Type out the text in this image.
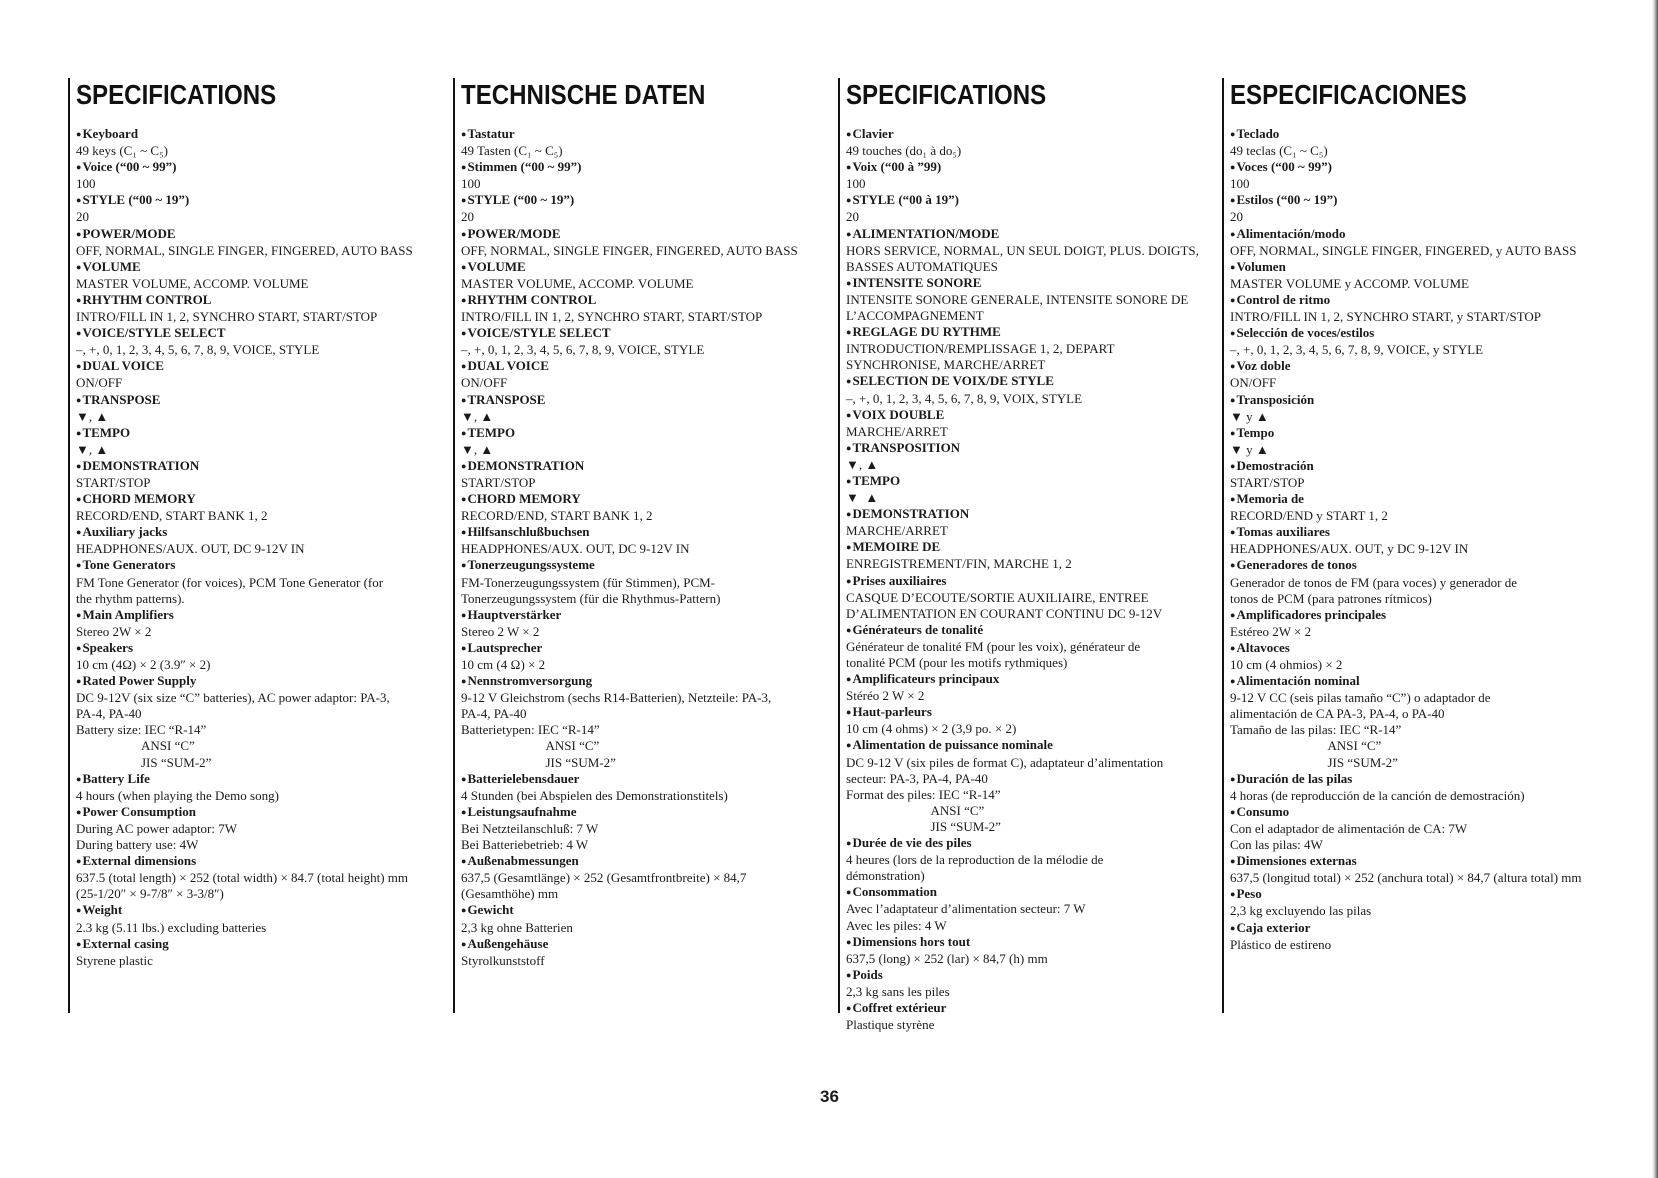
SPECIFICATIONS
● Keyboard
49 keys (C₁ ~ C₅)
● Voice (“00 ~ 99”)
100
● STYLE (“00 ~ 19”)
20
● POWER/MODE
OFF, NORMAL, SINGLE FINGER, FINGERED, AUTO BASS
● VOLUME
MASTER VOLUME, ACCOMP. VOLUME
● RHYTHM CONTROL
INTRO/FILL IN 1, 2, SYNCHRO START, START/STOP
● VOICE/STYLE SELECT
–, +, 0, 1, 2, 3, 4, 5, 6, 7, 8, 9, VOICE, STYLE
● DUAL VOICE
ON/OFF
● TRANSPOSE
▼, ▲
● TEMPO
▼, ▲
● DEMONSTRATION
START/STOP
● CHORD MEMORY
RECORD/END, START BANK 1, 2
● Auxiliary jacks
HEADPHONES/AUX. OUT, DC 9-12V IN
● Tone Generators
FM Tone Generator (for voices), PCM Tone Generator (for
the rhythm patterns).
● Main Amplifiers
Stereo 2W × 2
● Speakers
10 cm (4Ω) × 2 (3.9″ × 2)
● Rated Power Supply
DC 9-12V (six size “C” batteries), AC power adaptor: PA-3,
PA-4, PA-40
Battery size: IEC “R-14”
ANSI “C”
JIS “SUM-2”
● Battery Life
4 hours (when playing the Demo song)
● Power Consumption
During AC power adaptor: 7W
During battery use: 4W
● External dimensions
637.5 (total length) × 252 (total width) × 84.7 (total height) mm
(25-1/20″ × 9-7/8″ × 3-3/8″)
● Weight
2.3 kg (5.11 lbs.) excluding batteries
● External casing
Styrene plastic
TECHNISCHE DATEN
● Tastatur
49 Tasten (C₁ ~ C₅)
● Stimmen (“00 ~ 99”)
100
● STYLE (“00 ~ 19”)
20
● POWER/MODE
OFF, NORMAL, SINGLE FINGER, FINGERED, AUTO BASS
● VOLUME
MASTER VOLUME, ACCOMP. VOLUME
● RHYTHM CONTROL
INTRO/FILL IN 1, 2, SYNCHRO START, START/STOP
● VOICE/STYLE SELECT
–, +, 0, 1, 2, 3, 4, 5, 6, 7, 8, 9, VOICE, STYLE
● DUAL VOICE
ON/OFF
● TRANSPOSE
▼, ▲
● TEMPO
▼, ▲
● DEMONSTRATION
START/STOP
● CHORD MEMORY
RECORD/END, START BANK 1, 2
● Hilfsanschlußbuchsen
HEADPHONES/AUX. OUT, DC 9-12V IN
● Tonerzeugungssysteme
FM-Tonerzeugungssystem (für Stimmen), PCM-
Tonerzeugungssystem (für die Rhythmus-Pattern)
● Hauptverstärker
Stereo 2 W × 2
● Lautsprecher
10 cm (4 Ω) × 2
● Nennstromversorgung
9-12 V Gleichstrom (sechs R14-Batterien), Netzteile: PA-3,
PA-4, PA-40
Batterietypen: IEC “R-14”
ANSI “C”
JIS “SUM-2”
● Batterielebensdauer
4 Stunden (bei Abspielen des Demonstrationstitels)
● Leistungsaufnahme
Bei Netzteilanschluß: 7 W
Bei Batteriebetrieb: 4 W
● Außenabmessungen
637,5 (Gesamtlänge) × 252 (Gesamtfrontbreite) × 84,7
(Gesamthöhe) mm
● Gewicht
2,3 kg ohne Batterien
● Außengehäuse
Styrolkunststoff
SPECIFICATIONS
● Clavier
49 touches (do₁ à do₅)
● Voix (“00 à ”99)
100
● STYLE (“00 à 19”)
20
● ALIMENTATION/MODE
HORS SERVICE, NORMAL, UN SEUL DOIGT, PLUS. DOIGTS,
BASSES AUTOMATIQUES
● INTENSITE SONORE
INTENSITE SONORE GENERALE, INTENSITE SONORE DE
L’ACCOMPAGNEMENT
● REGLAGE DU RYTHME
INTRODUCTION/REMPLISSAGE 1, 2, DEPART
SYNCHRONISE, MARCHE/ARRET
● SELECTION DE VOIX/DE STYLE
–, +, 0, 1, 2, 3, 4, 5, 6, 7, 8, 9, VOIX, STYLE
● VOIX DOUBLE
MARCHE/ARRET
● TRANSPOSITION
▼, ▲
● TEMPO
▼  ▲
● DEMONSTRATION
MARCHE/ARRET
● MEMOIRE DE
ENREGISTREMENT/FIN, MARCHE 1, 2
● Prises auxiliaires
CASQUE D’ECOUTE/SORTIE AUXILIAIRE, ENTREE
D’ALIMENTATION EN COURANT CONTINU DC 9-12V
● Générateurs de tonalité
Générateur de tonalité FM (pour les voix), générateur de
tonalité PCM (pour les motifs rythmiques)
● Amplificateurs principaux
Stéréo 2 W × 2
● Haut-parleurs
10 cm (4 ohms) × 2 (3,9 po. × 2)
● Alimentation de puissance nominale
DC 9-12 V (six piles de format C), adaptateur d’alimentation
secteur: PA-3, PA-4, PA-40
Format des piles: IEC “R-14”
ANSI “C”
JIS “SUM-2”
● Durée de vie des piles
4 heures (lors de la reproduction de la mélodie de
démonstration)
● Consommation
Avec l’adaptateur d’alimentation secteur: 7 W
Avec les piles: 4 W
● Dimensions hors tout
637,5 (long) × 252 (lar) × 84,7 (h) mm
● Poids
2,3 kg sans les piles
● Coffret extérieur
Plastique styrène
ESPECIFICACIONES
● Teclado
49 teclas (C₁ ~ C₅)
● Voces (“00 ~ 99”)
100
● Estilos (“00 ~ 19”)
20
● Alimentación/modo
OFF, NORMAL, SINGLE FINGER, FINGERED, y AUTO BASS
● Volumen
MASTER VOLUME y ACCOMP. VOLUME
● Control de ritmo
INTRO/FILL IN 1, 2, SYNCHRO START, y START/STOP
● Selección de voces/estilos
–, +, 0, 1, 2, 3, 4, 5, 6, 7, 8, 9, VOICE, y STYLE
● Voz doble
ON/OFF
● Transposición
▼ y ▲
● Tempo
▼ y ▲
● Demostración
START/STOP
● Memoria de
RECORD/END y START 1, 2
● Tomas auxiliares
HEADPHONES/AUX. OUT, y DC 9-12V IN
● Generadores de tonos
Generador de tonos de FM (para voces) y generador de
tonos de PCM (para patrones rítmicos)
● Amplificadores principales
Estéreo 2W × 2
● Altavoces
10 cm (4 ohmios) × 2
● Alimentación nominal
9-12 V CC (seis pilas tamaño “C”) o adaptador de
alimentación de CA PA-3, PA-4, o PA-40
Tamaño de las pilas: IEC “R-14”
ANSI “C”
JIS “SUM-2”
● Duración de las pilas
4 horas (de reproducción de la canción de demostración)
● Consumo
Con el adaptador de alimentación de CA: 7W
Con las pilas: 4W
● Dimensiones externas
637,5 (longitud total) × 252 (anchura total) × 84,7 (altura total) mm
● Peso
2,3 kg excluyendo las pilas
● Caja exterior
Plástico de estireno
36
